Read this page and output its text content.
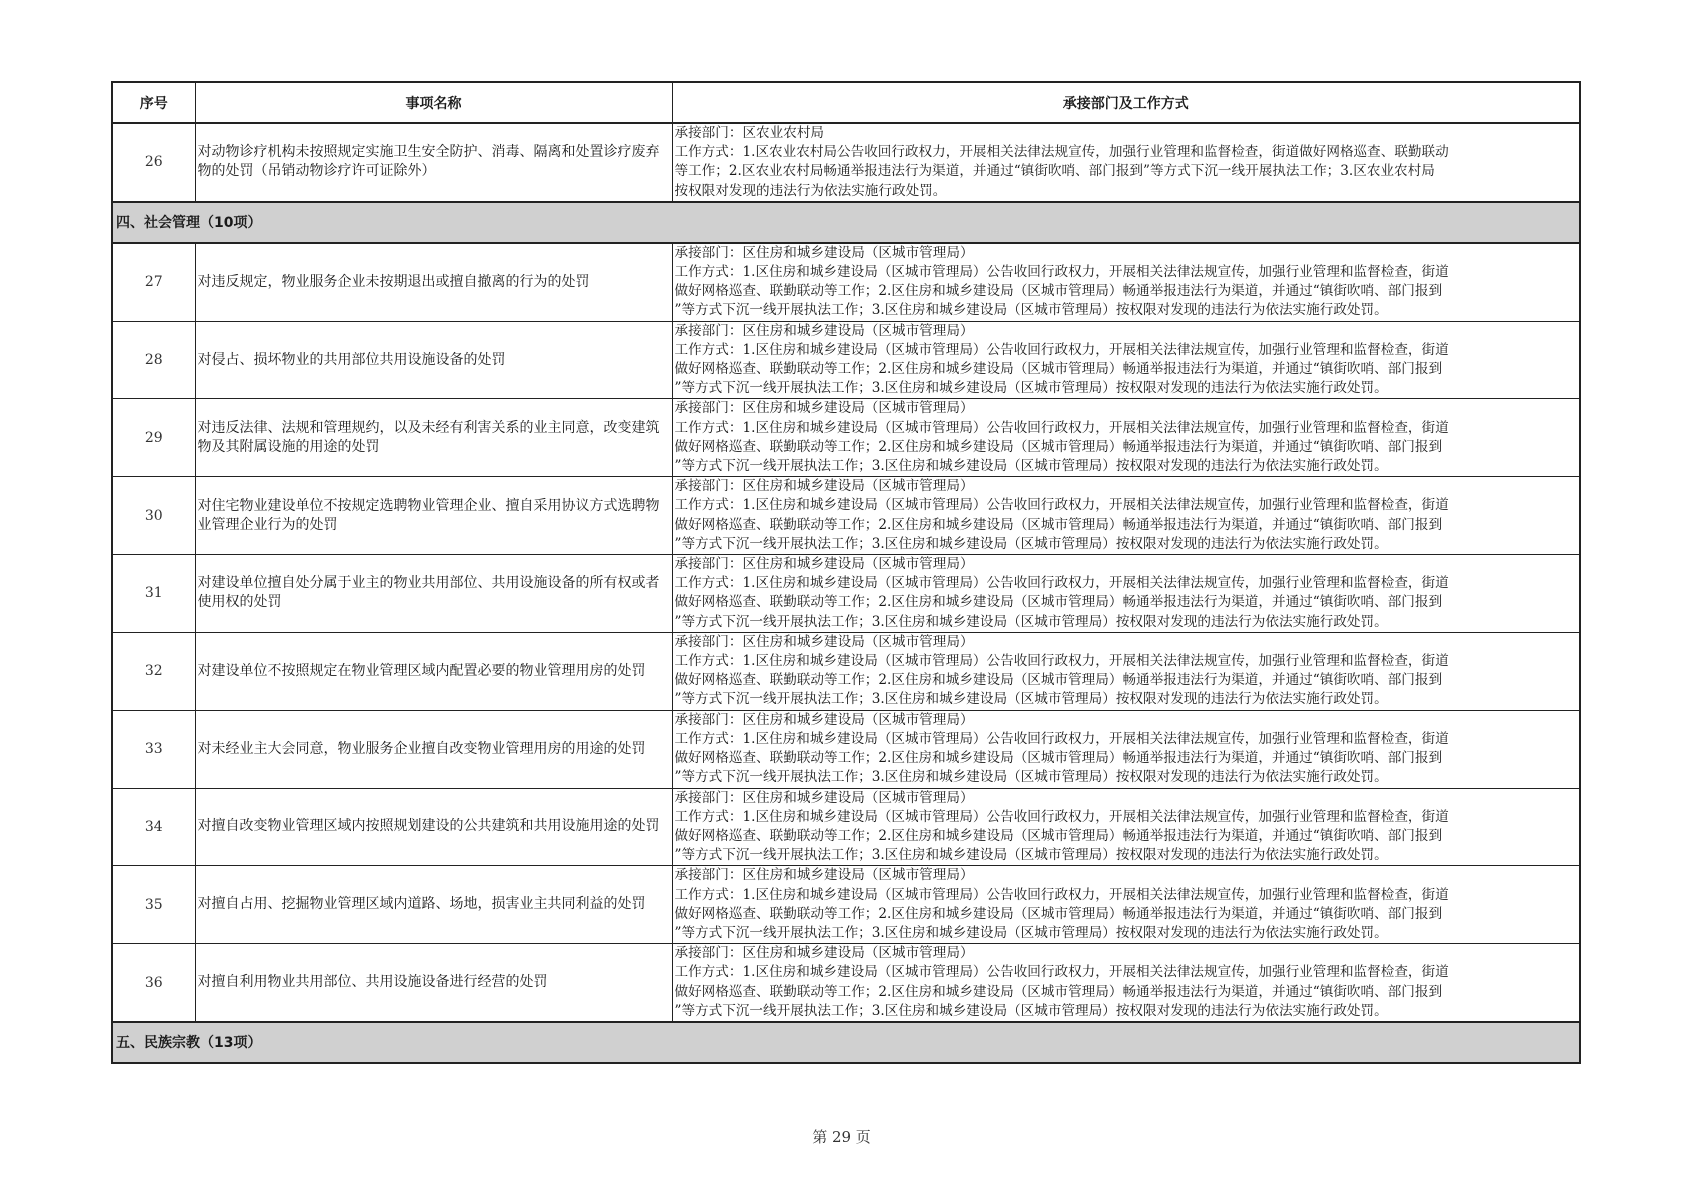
序号	事项名称	承接部门及工作方式
26	对动物诊疗机构未按照规定实施卫生安全防护、消毒、隔离和处置诊疗废弃物的处罚（吊销动物诊疗许可证除外）	承接部门：区农业农村局
工作方式：1.区农业农村局公告收回行政权力，开展相关法律法规宣传，加强行业管理和监督检查，街道做好网格巡查、联勤联动
等工作；2.区农业农村局畅通举报违法行为渠道，并通过“镇街吹哨、部门报到”等方式下沉一线开展执法工作；3.区农业农村局
按权限对发现的违法行为依法实施行政处罚。

四、社会管理（10项）		
27	对违反规定，物业服务企业未按期退出或擅自撤离的行为的处罚	承接部门：区住房和城乡建设局（区城市管理局）
工作方式：1.区住房和城乡建设局（区城市管理局）公告收回行政权力，开展相关法律法规宣传，加强行业管理和监督检查，街道
做好网格巡查、联勤联动等工作；2.区住房和城乡建设局（区城市管理局）畅通举报违法行为渠道，并通过“镇街吹哨、部门报到
”等方式下沉一线开展执法工作；3.区住房和城乡建设局（区城市管理局）按权限对发现的违法行为依法实施行政处罚。

28	对侵占、损坏物业的共用部位共用设施设备的处罚	承接部门：区住房和城乡建设局（区城市管理局）
工作方式：1.区住房和城乡建设局（区城市管理局）公告收回行政权力，开展相关法律法规宣传，加强行业管理和监督检查，街道
做好网格巡查、联勤联动等工作；2.区住房和城乡建设局（区城市管理局）畅通举报违法行为渠道，并通过“镇街吹哨、部门报到
”等方式下沉一线开展执法工作；3.区住房和城乡建设局（区城市管理局）按权限对发现的违法行为依法实施行政处罚。

29	对违反法律、法规和管理规约，以及未经有利害关系的业主同意，改变建筑物及其附属设施的用途的处罚	承接部门：区住房和城乡建设局（区城市管理局）
工作方式：1.区住房和城乡建设局（区城市管理局）公告收回行政权力，开展相关法律法规宣传，加强行业管理和监督检查，街道
做好网格巡查、联勤联动等工作；2.区住房和城乡建设局（区城市管理局）畅通举报违法行为渠道，并通过“镇街吹哨、部门报到
”等方式下沉一线开展执法工作；3.区住房和城乡建设局（区城市管理局）按权限对发现的违法行为依法实施行政处罚。

30	对住宅物业建设单位不按规定选聘物业管理企业、擅自采用协议方式选聘物业管理企业行为的处罚	承接部门：区住房和城乡建设局（区城市管理局）
工作方式：1.区住房和城乡建设局（区城市管理局）公告收回行政权力，开展相关法律法规宣传，加强行业管理和监督检查，街道
做好网格巡查、联勤联动等工作；2.区住房和城乡建设局（区城市管理局）畅通举报违法行为渠道，并通过“镇街吹哨、部门报到
”等方式下沉一线开展执法工作；3.区住房和城乡建设局（区城市管理局）按权限对发现的违法行为依法实施行政处罚。

31	对建设单位擅自处分属于业主的物业共用部位、共用设施设备的所有权或者使用权的处罚	承接部门：区住房和城乡建设局（区城市管理局）
工作方式：1.区住房和城乡建设局（区城市管理局）公告收回行政权力，开展相关法律法规宣传，加强行业管理和监督检查，街道
做好网格巡查、联勤联动等工作；2.区住房和城乡建设局（区城市管理局）畅通举报违法行为渠道，并通过“镇街吹哨、部门报到
”等方式下沉一线开展执法工作；3.区住房和城乡建设局（区城市管理局）按权限对发现的违法行为依法实施行政处罚。

32	对建设单位不按照规定在物业管理区域内配置必要的物业管理用房的处罚	承接部门：区住房和城乡建设局（区城市管理局）
工作方式：1.区住房和城乡建设局（区城市管理局）公告收回行政权力，开展相关法律法规宣传，加强行业管理和监督检查，街道
做好网格巡查、联勤联动等工作；2.区住房和城乡建设局（区城市管理局）畅通举报违法行为渠道，并通过“镇街吹哨、部门报到
”等方式下沉一线开展执法工作；3.区住房和城乡建设局（区城市管理局）按权限对发现的违法行为依法实施行政处罚。

33	对未经业主大会同意，物业服务企业擅自改变物业管理用房的用途的处罚	承接部门：区住房和城乡建设局（区城市管理局）
工作方式：1.区住房和城乡建设局（区城市管理局）公告收回行政权力，开展相关法律法规宣传，加强行业管理和监督检查，街道
做好网格巡查、联勤联动等工作；2.区住房和城乡建设局（区城市管理局）畅通举报违法行为渠道，并通过“镇街吹哨、部门报到
”等方式下沉一线开展执法工作；3.区住房和城乡建设局（区城市管理局）按权限对发现的违法行为依法实施行政处罚。

34	对擅自改变物业管理区域内按照规划建设的公共建筑和共用设施用途的处罚	承接部门：区住房和城乡建设局（区城市管理局）
工作方式：1.区住房和城乡建设局（区城市管理局）公告收回行政权力，开展相关法律法规宣传，加强行业管理和监督检查，街道
做好网格巡查、联勤联动等工作；2.区住房和城乡建设局（区城市管理局）畅通举报违法行为渠道，并通过“镇街吹哨、部门报到
”等方式下沉一线开展执法工作；3.区住房和城乡建设局（区城市管理局）按权限对发现的违法行为依法实施行政处罚。

35	对擅自占用、挖掘物业管理区域内道路、场地，损害业主共同利益的处罚	承接部门：区住房和城乡建设局（区城市管理局）
工作方式：1.区住房和城乡建设局（区城市管理局）公告收回行政权力，开展相关法律法规宣传，加强行业管理和监督检查，街道
做好网格巡查、联勤联动等工作；2.区住房和城乡建设局（区城市管理局）畅通举报违法行为渠道，并通过“镇街吹哨、部门报到
”等方式下沉一线开展执法工作；3.区住房和城乡建设局（区城市管理局）按权限对发现的违法行为依法实施行政处罚。

36	对擅自利用物业共用部位、共用设施设备进行经营的处罚	承接部门：区住房和城乡建设局（区城市管理局）
工作方式：1.区住房和城乡建设局（区城市管理局）公告收回行政权力，开展相关法律法规宣传，加强行业管理和监督检查，街道
做好网格巡查、联勤联动等工作；2.区住房和城乡建设局（区城市管理局）畅通举报违法行为渠道，并通过“镇街吹哨、部门报到
”等方式下沉一线开展执法工作；3.区住房和城乡建设局（区城市管理局）按权限对发现的违法行为依法实施行政处罚。

五、民族宗教（13项）		
第 29 页
